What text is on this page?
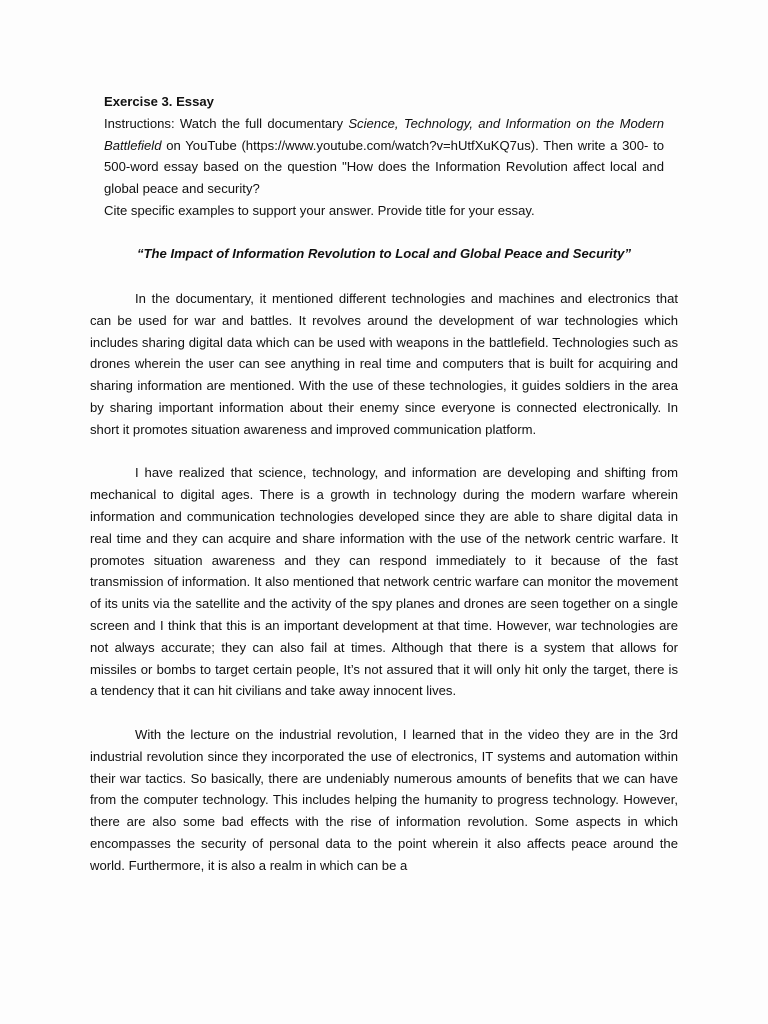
Exercise 3. Essay

Instructions: Watch the full documentary Science, Technology, and Information on the Modern Battlefield on YouTube (https://www.youtube.com/watch?v=hUtfXuKQ7us). Then write a 300- to 500-word essay based on the question "How does the Information Revolution affect local and global peace and security?

Cite specific examples to support your answer. Provide title for your essay.

“The Impact of Information Revolution to Local and Global Peace and Security”

In the documentary, it mentioned different technologies and machines and electronics that can be used for war and battles. It revolves around the development of war technologies which includes sharing digital data which can be used with weapons in the battlefield. Technologies such as drones wherein the user can see anything in real time and computers that is built for acquiring and sharing information are mentioned. With the use of these technologies, it guides soldiers in the area by sharing important information about their enemy since everyone is connected electronically. In short it promotes situation awareness and improved communication platform.

I have realized that science, technology, and information are developing and shifting from mechanical to digital ages. There is a growth in technology during the modern warfare wherein information and communication technologies developed since they are able to share digital data in real time and they can acquire and share information with the use of the network centric warfare. It promotes situation awareness and they can respond immediately to it because of the fast transmission of information. It also mentioned that network centric warfare can monitor the movement of its units via the satellite and the activity of the spy planes and drones are seen together on a single screen and I think that this is an important development at that time. However, war technologies are not always accurate; they can also fail at times. Although that there is a system that allows for missiles or bombs to target certain people, It’s not assured that it will only hit only the target, there is a tendency that it can hit civilians and take away innocent lives.

With the lecture on the industrial revolution, I learned that in the video they are in the 3rd industrial revolution since they incorporated the use of electronics, IT systems and automation within their war tactics. So basically, there are undeniably numerous amounts of benefits that we can have from the computer technology. This includes helping the humanity to progress technology. However, there are also some bad effects with the rise of information revolution. Some aspects in which encompasses the security of personal data to the point wherein it also affects peace around the world. Furthermore, it is also a realm in which can be a
